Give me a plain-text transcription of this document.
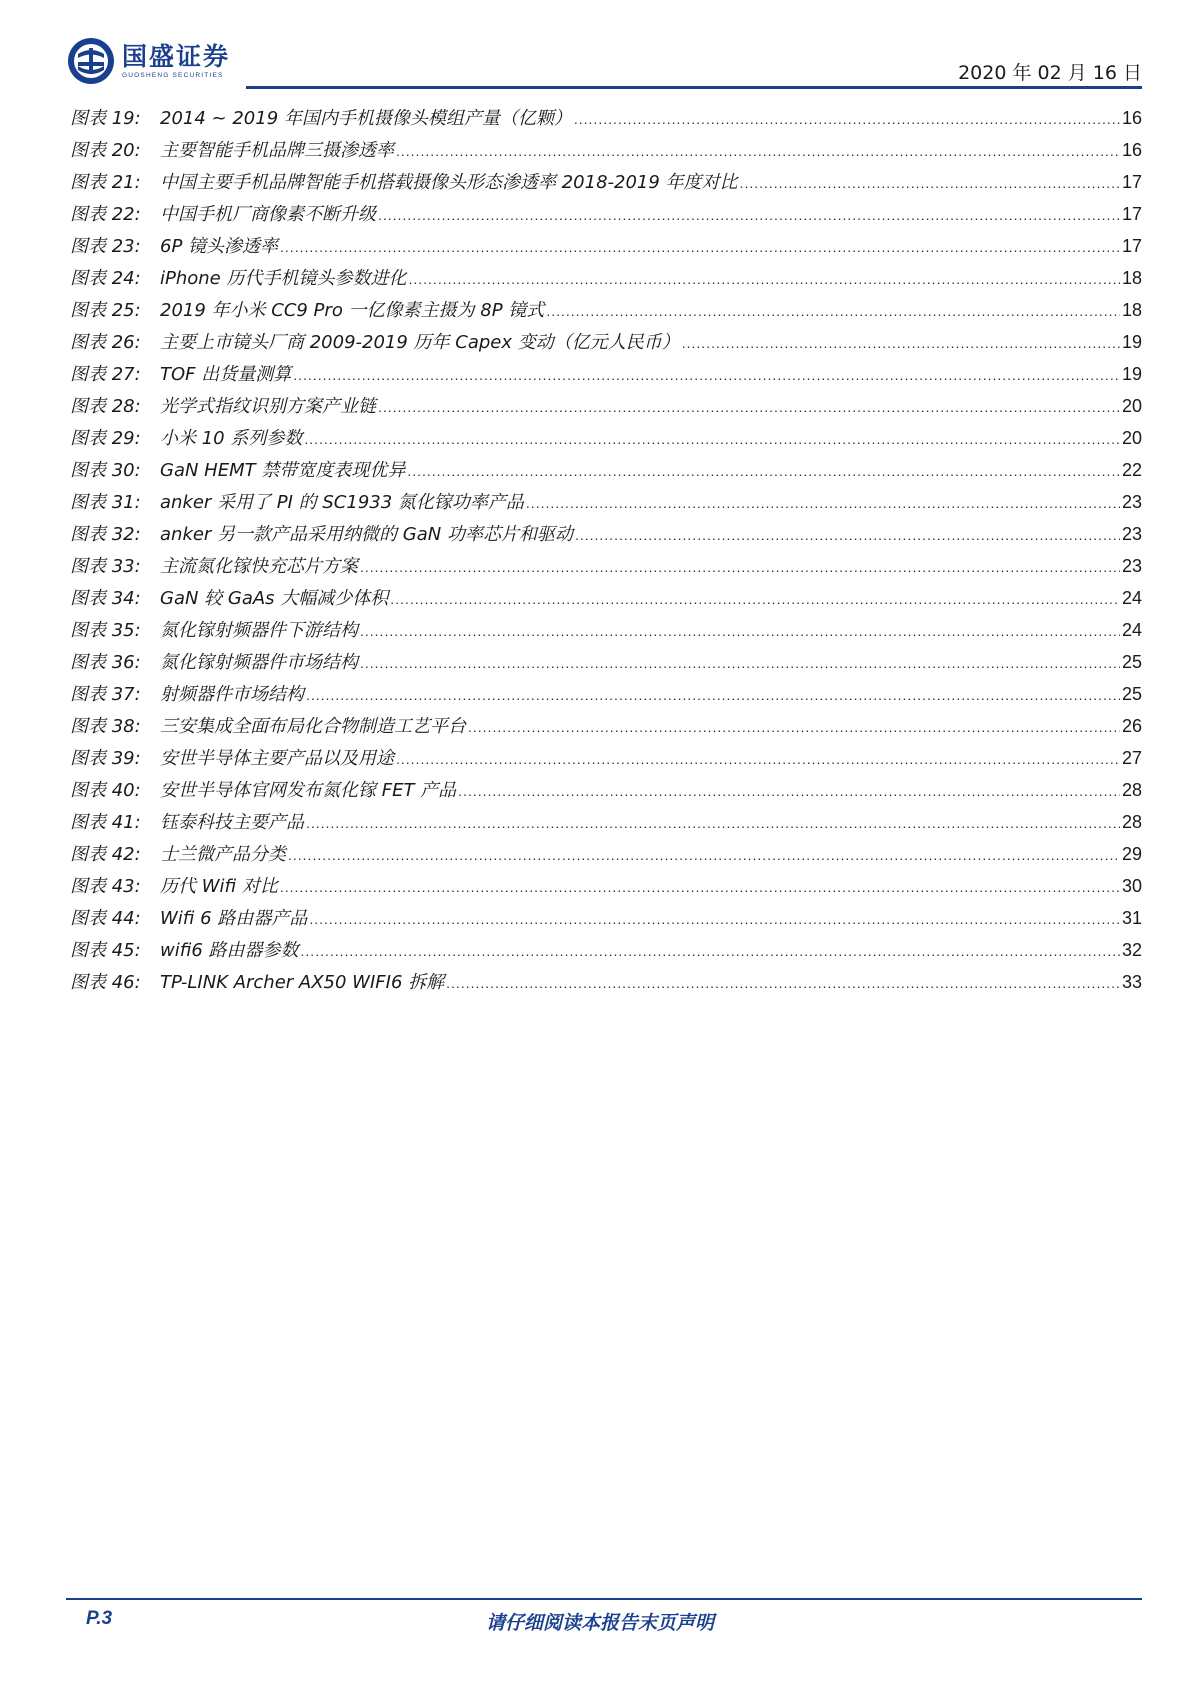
国盛证券
GUOSHENG SECURITIES	2020 年 02 月 16 日
图表 19:	2014 ~ 2019 年国内手机摄像头模组产量（亿颗） .....	16
图表 20:	主要智能手机品牌三摄渗透率 .....	16
图表 21:	中国主要手机品牌智能手机搭载摄像头形态渗透率 2018-2019 年度对比 .....	17
图表 22:	中国手机厂商像素不断升级 .....	17
图表 23:	6P 镜头渗透率 .....	17
图表 24:	iPhone 历代手机镜头参数进化 .....	18
图表 25:	2019 年小米 CC9 Pro 一亿像素主摄为 8P 镜式 .....	18
图表 26:	主要上市镜头厂商 2009-2019 历年 Capex 变动（亿元人民币） .....	19
图表 27:	TOF 出货量测算 .....	19
图表 28:	光学式指纹识别方案产业链 .....	20
图表 29:	小米 10 系列参数 .....	20
图表 30:	GaN HEMT 禁带宽度表现优异 .....	22
图表 31:	anker 采用了 PI 的 SC1933 氮化镓功率产品 .....	23
图表 32:	anker 另一款产品采用纳微的 GaN 功率芯片和驱动 .....	23
图表 33:	主流氮化镓快充芯片方案 .....	23
图表 34:	GaN 较 GaAs 大幅减少体积 .....	24
图表 35:	氮化镓射频器件下游结构 .....	24
图表 36:	氮化镓射频器件市场结构 .....	25
图表 37:	射频器件市场结构 .....	25
图表 38:	三安集成全面布局化合物制造工艺平台 .....	26
图表 39:	安世半导体主要产品以及用途 .....	27
图表 40:	安世半导体官网发布氮化镓 FET 产品 .....	28
图表 41:	钰泰科技主要产品 .....	28
图表 42:	士兰微产品分类 .....	29
图表 43:	历代 Wifi 对比 .....	30
图表 44:	Wifi 6 路由器产品 .....	31
图表 45:	wifi6 路由器参数 .....	32
图表 46:	TP-LINK Archer AX50 WIFI6 拆解 .....	33
P.3	请仔细阅读本报告末页声明
